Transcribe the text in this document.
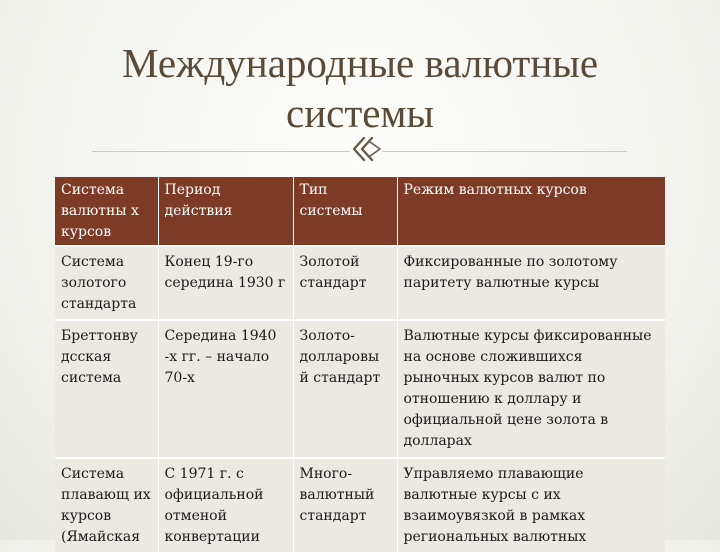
Международные валютные
системы
Система валютны х курсов	Период действия	Тип системы	Режим валютных курсов
Система золотого стандарта	Конец 19-го середина 1930 г	Золотой стандарт	Фиксированные по золотому паритету валютные курсы
Бреттонву дсская система	Середина 1940 -х гг. – начало 70-х	Золото-долларовы й стандарт	Валютные курсы фиксированные на основе сложившихся рыночных курсов валют по отношению к доллару и официальной цене золота в долларах
Система плавающ их курсов (Ямайская	С 1971 г. с официальной отменой конвертации	Много-валютный стандарт	Управляемо плавающие валютные курсы с их взаимоувязкой в рамках региональных валютных
